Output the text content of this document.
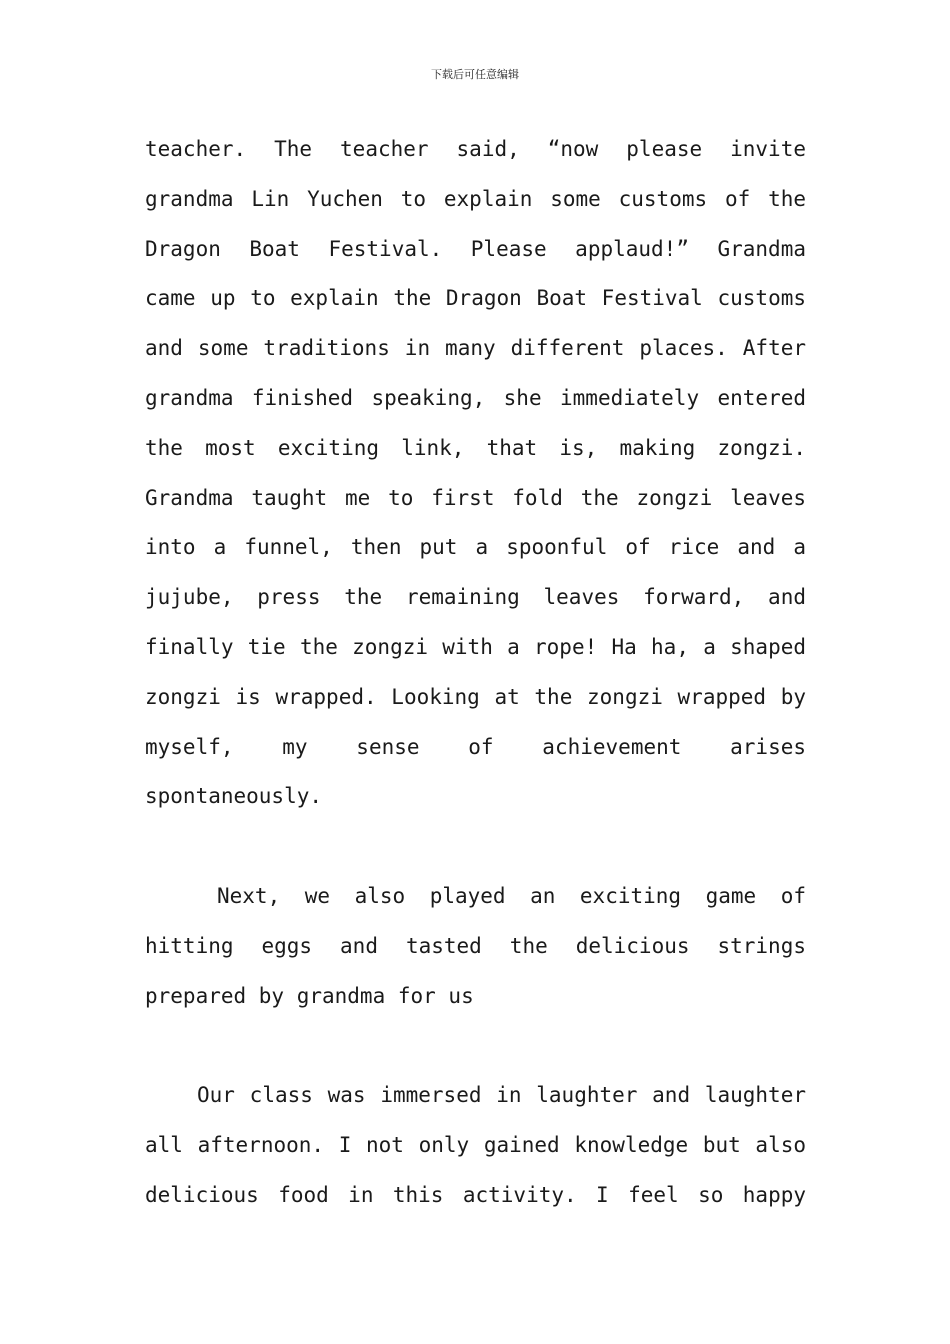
下载后可任意编辑
teacher. The teacher said, “now please invite
grandma Lin Yuchen to explain some customs of the
Dragon Boat Festival. Please applaud!” Grandma
came up to explain the Dragon Boat Festival customs
and some traditions in many different places. After
grandma finished speaking, she immediately entered
the most exciting link, that is, making zongzi.
Grandma taught me to first fold the zongzi leaves
into a funnel, then put a spoonful of rice and a
jujube, press the remaining leaves forward, and
finally tie the zongzi with a rope! Ha ha, a shaped
zongzi is wrapped. Looking at the zongzi wrapped by
myself, my sense of achievement arises
spontaneously.
Next, we also played an exciting game of
hitting eggs and tasted the delicious strings
prepared by grandma for us
Our class was immersed in laughter and laughter
all afternoon. I not only gained knowledge but also
delicious food in this activity. I feel so happy
